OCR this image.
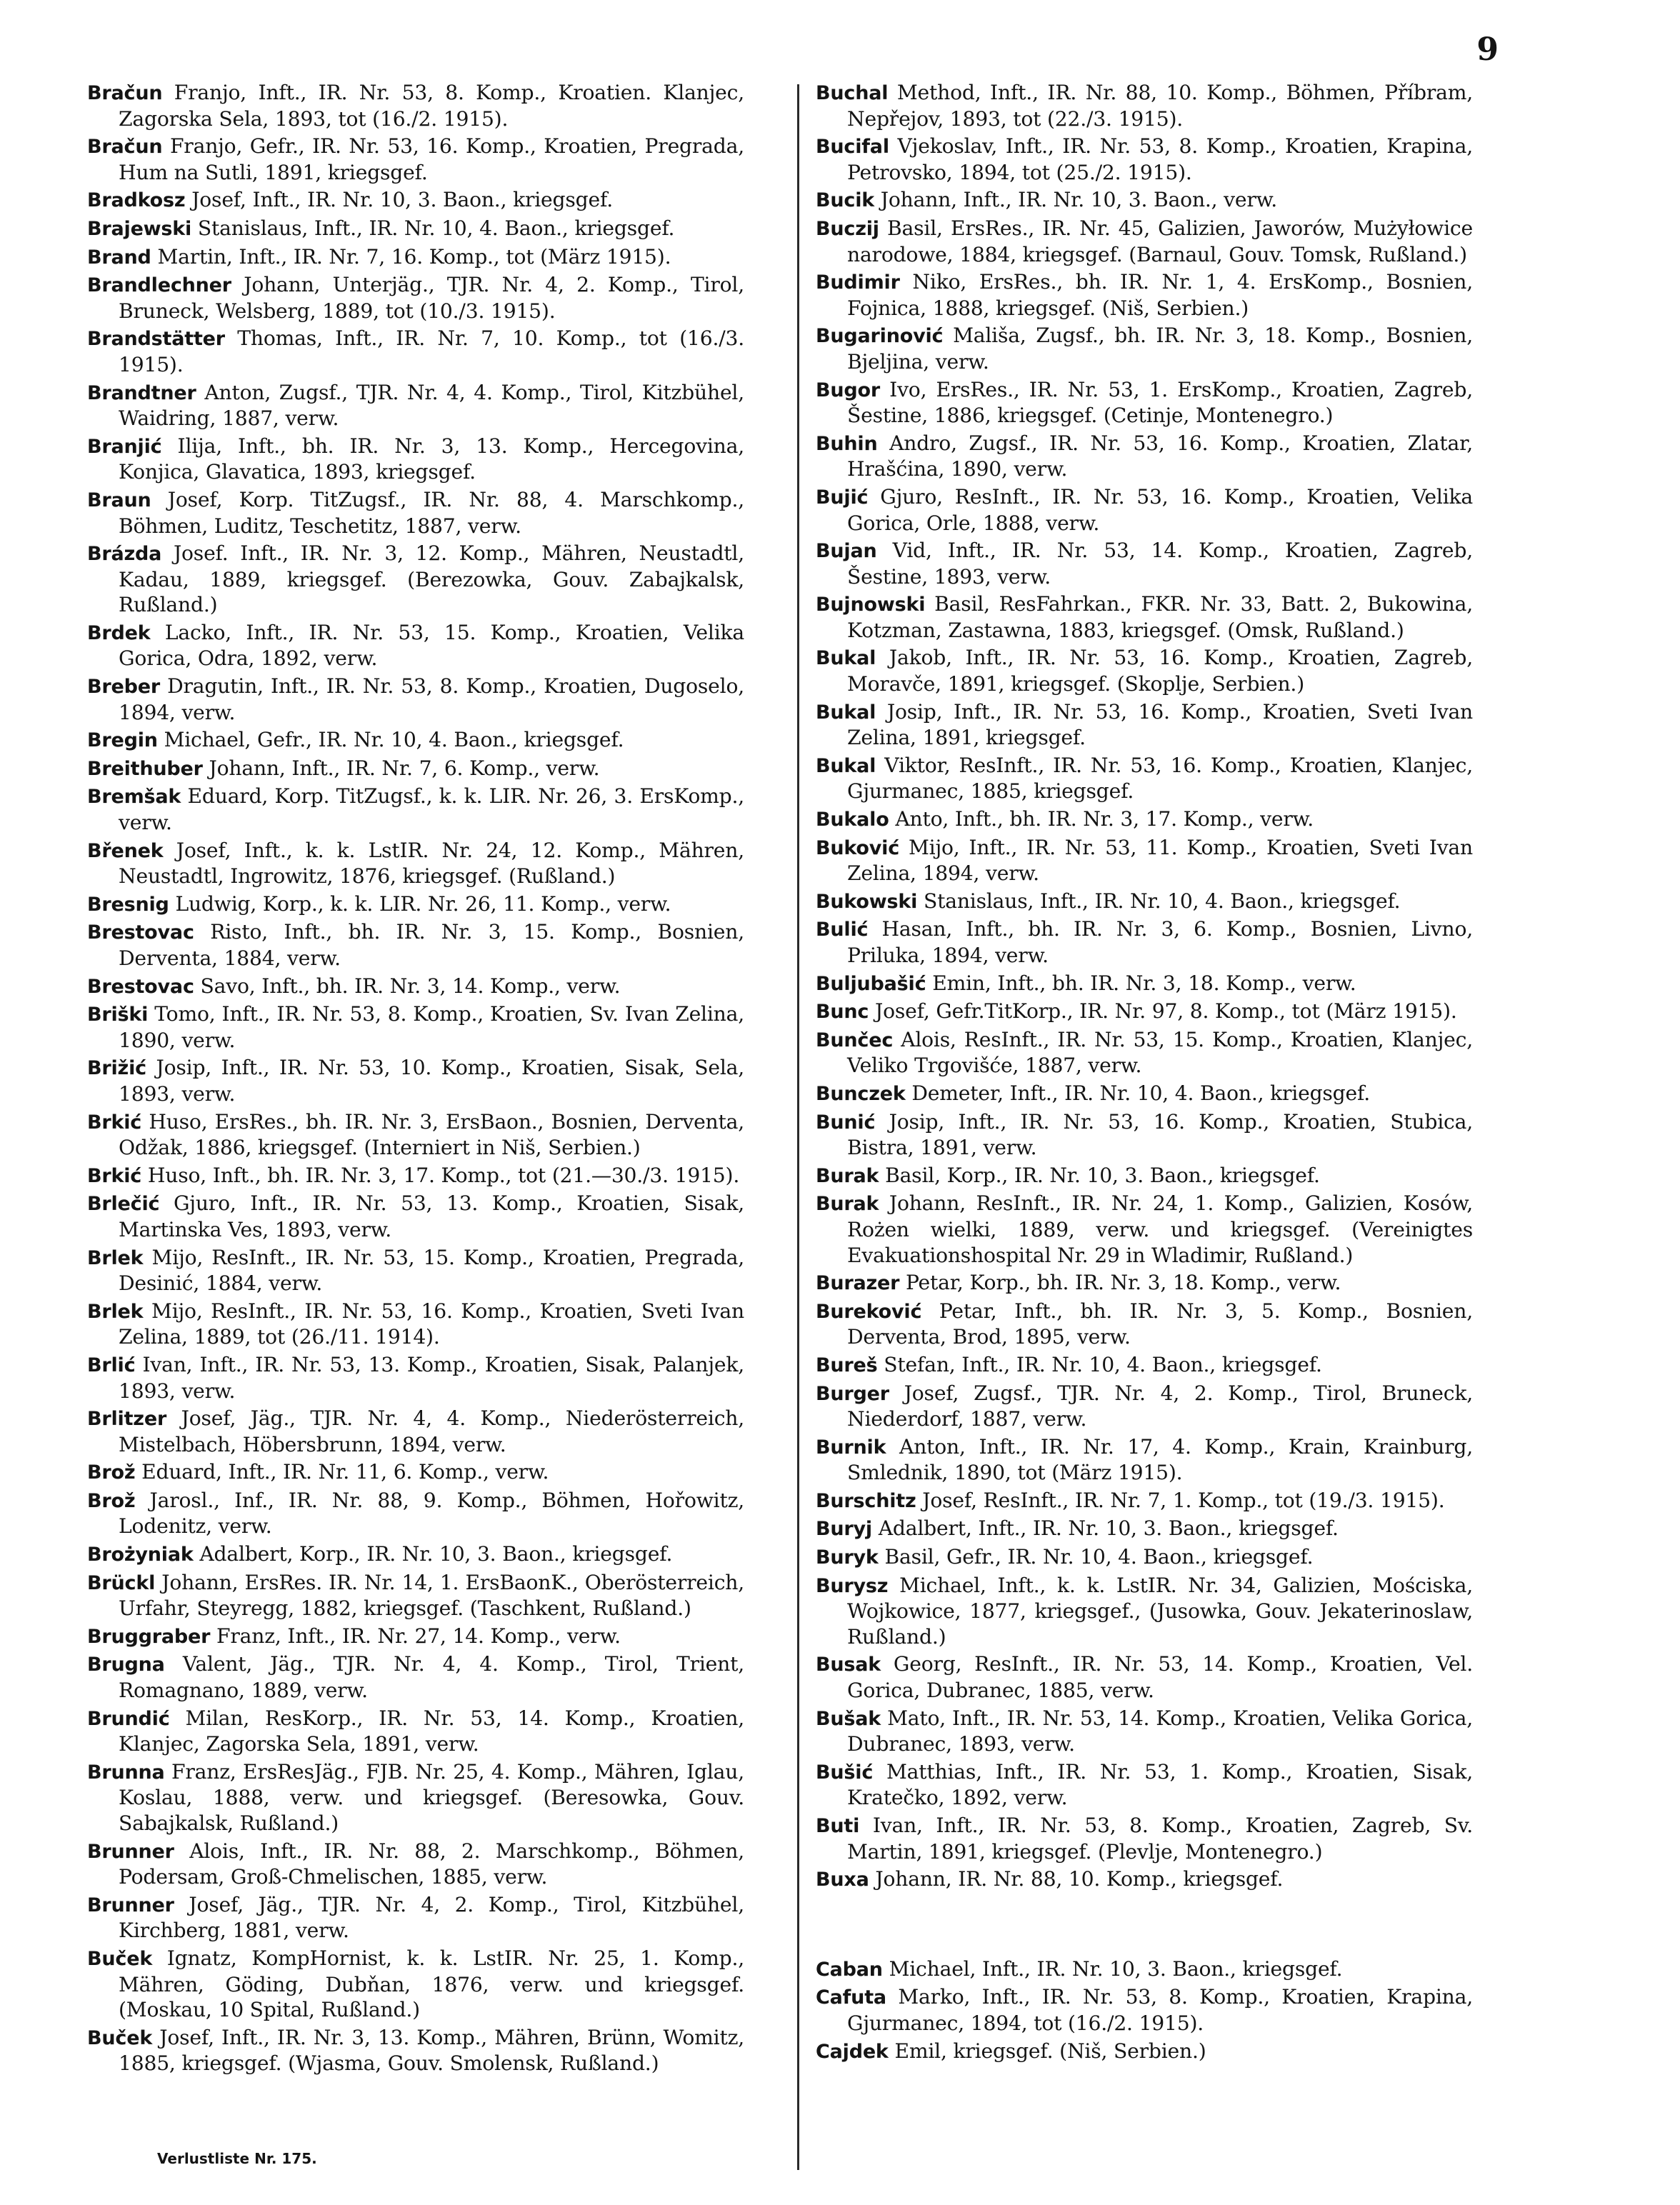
9
Bračun Franjo, Inft., IR. Nr. 53, 8. Komp., Kroatien. Klanjec, Zagorska Sela, 1893, tot (16./2. 1915).
Bračun Franjo, Gefr., IR. Nr. 53, 16. Komp., Kroatien, Pregrada, Hum na Sutli, 1891, kriegsgef.
Bradkosz Josef, Inft., IR. Nr. 10, 3. Baon., kriegsgef.
Brajewski Stanislaus, Inft., IR. Nr. 10, 4. Baon., kriegsgef.
Brand Martin, Inft., IR. Nr. 7, 16. Komp., tot (März 1915).
Brandlechner Johann, Unterjäg., TJR. Nr. 4, 2. Komp., Tirol, Bruneck, Welsberg, 1889, tot (10./3. 1915).
Brandstätter Thomas, Inft., IR. Nr. 7, 10. Komp., tot (16./3. 1915).
Brandtner Anton, Zugsf., TJR. Nr. 4, 4. Komp., Tirol, Kitzbühel, Waidring, 1887, verw.
Branjić Ilija, Inft., bh. IR. Nr. 3, 13. Komp., Hercegovina, Konjica, Glavatica, 1893, kriegsgef.
Braun Josef, Korp. TitZugsf., IR. Nr. 88, 4. Marschkomp., Böhmen, Luditz, Teschetitz, 1887, verw.
Brázda Josef. Inft., IR. Nr. 3, 12. Komp., Mähren, Neustadtl, Kadau, 1889, kriegsgef. (Berezowka, Gouv. Zabajkalsk, Rußland.)
Brdek Lacko, Inft., IR. Nr. 53, 15. Komp., Kroatien, Velika Gorica, Odra, 1892, verw.
Breber Dragutin, Inft., IR. Nr. 53, 8. Komp., Kroatien, Dugoselo, 1894, verw.
Bregin Michael, Gefr., IR. Nr. 10, 4. Baon., kriegsgef.
Breithuber Johann, Inft., IR. Nr. 7, 6. Komp., verw.
Bremšak Eduard, Korp. TitZugsf., k. k. LIR. Nr. 26, 3. ErsKomp., verw.
Břenek Josef, Inft., k. k. LstIR. Nr. 24, 12. Komp., Mähren, Neustadtl, Ingrowitz, 1876, kriegsgef. (Rußland.)
Bresnig Ludwig, Korp., k. k. LIR. Nr. 26, 11. Komp., verw.
Brestovac Risto, Inft., bh. IR. Nr. 3, 15. Komp., Bosnien, Derventa, 1884, verw.
Brestovac Savo, Inft., bh. IR. Nr. 3, 14. Komp., verw.
Briški Tomo, Inft., IR. Nr. 53, 8. Komp., Kroatien, Sv. Ivan Zelina, 1890, verw.
Brižić Josip, Inft., IR. Nr. 53, 10. Komp., Kroatien, Sisak, Sela, 1893, verw.
Brkić Huso, ErsRes., bh. IR. Nr. 3, ErsBaon., Bosnien, Derventa, Odžak, 1886, kriegsgef. (Interniert in Niš, Serbien.)
Brkić Huso, Inft., bh. IR. Nr. 3, 17. Komp., tot (21.—30./3. 1915).
Brlečić Gjuro, Inft., IR. Nr. 53, 13. Komp., Kroatien, Sisak, Martinska Ves, 1893, verw.
Brlek Mijo, ResInft., IR. Nr. 53, 15. Komp., Kroatien, Pregrada, Desinić, 1884, verw.
Brlek Mijo, ResInft., IR. Nr. 53, 16. Komp., Kroatien, Sveti Ivan Zelina, 1889, tot (26./11. 1914).
Brlić Ivan, Inft., IR. Nr. 53, 13. Komp., Kroatien, Sisak, Palanjek, 1893, verw.
Brlitzer Josef, Jäg., TJR. Nr. 4, 4. Komp., Niederösterreich, Mistelbach, Höbersbrunn, 1894, verw.
Brož Eduard, Inft., IR. Nr. 11, 6. Komp., verw.
Brož Jarosl., Inf., IR. Nr. 88, 9. Komp., Böhmen, Hořowitz, Lodenitz, verw.
Brożyniak Adalbert, Korp., IR. Nr. 10, 3. Baon., kriegsgef.
Brückl Johann, ErsRes. IR. Nr. 14, 1. ErsBaonK., Oberösterreich, Urfahr, Steyregg, 1882, kriegsgef. (Taschkent, Rußland.)
Bruggraber Franz, Inft., IR. Nr. 27, 14. Komp., verw.
Brugna Valent, Jäg., TJR. Nr. 4, 4. Komp., Tirol, Trient, Romagnano, 1889, verw.
Brundić Milan, ResKorp., IR. Nr. 53, 14. Komp., Kroatien, Klanjec, Zagorska Sela, 1891, verw.
Brunna Franz, ErsResJäg., FJB. Nr. 25, 4. Komp., Mähren, Iglau, Koslau, 1888, verw. und kriegsgef. (Beresowka, Gouv. Sabajkalsk, Rußland.)
Brunner Alois, Inft., IR. Nr. 88, 2. Marschkomp., Böhmen, Podersam, Groß-Chmelischen, 1885, verw.
Brunner Josef, Jäg., TJR. Nr. 4, 2. Komp., Tirol, Kitzbühel, Kirchberg, 1881, verw.
Buček Ignatz, KompHornist, k. k. LstIR. Nr. 25, 1. Komp., Mähren, Göding, Dubňan, 1876, verw. und kriegsgef. (Moskau, 10 Spital, Rußland.)
Buček Josef, Inft., IR. Nr. 3, 13. Komp., Mähren, Brünn, Womitz, 1885, kriegsgef. (Wjasma, Gouv. Smolensk, Rußland.)
Buchal Method, Inft., IR. Nr. 88, 10. Komp., Böhmen, Příbram, Nepřejov, 1893, tot (22./3. 1915).
Bucifal Vjekoslav, Inft., IR. Nr. 53, 8. Komp., Kroatien, Krapina, Petrovsko, 1894, tot (25./2. 1915).
Bucik Johann, Inft., IR. Nr. 10, 3. Baon., verw.
Buczij Basil, ErsRes., IR. Nr. 45, Galizien, Jaworów, Mużyłowice narodowe, 1884, kriegsgef. (Barnaul, Gouv. Tomsk, Rußland.)
Budimir Niko, ErsRes., bh. IR. Nr. 1, 4. ErsKomp., Bosnien, Fojnica, 1888, kriegsgef. (Niš, Serbien.)
Bugarinović Mališa, Zugsf., bh. IR. Nr. 3, 18. Komp., Bosnien, Bjeljina, verw.
Bugor Ivo, ErsRes., IR. Nr. 53, 1. ErsKomp., Kroatien, Zagreb, Šestine, 1886, kriegsgef. (Cetinje, Montenegro.)
Buhin Andro, Zugsf., IR. Nr. 53, 16. Komp., Kroatien, Zlatar, Hrašćina, 1890, verw.
Bujić Gjuro, ResInft., IR. Nr. 53, 16. Komp., Kroatien, Velika Gorica, Orle, 1888, verw.
Bujan Vid, Inft., IR. Nr. 53, 14. Komp., Kroatien, Zagreb, Šestine, 1893, verw.
Bujnowski Basil, ResFahrkan., FKR. Nr. 33, Batt. 2, Bukowina, Kotzman, Zastawna, 1883, kriegsgef. (Omsk, Rußland.)
Bukal Jakob, Inft., IR. Nr. 53, 16. Komp., Kroatien, Zagreb, Moravče, 1891, kriegsgef. (Skoplje, Serbien.)
Bukal Josip, Inft., IR. Nr. 53, 16. Komp., Kroatien, Sveti Ivan Zelina, 1891, kriegsgef.
Bukal Viktor, ResInft., IR. Nr. 53, 16. Komp., Kroatien, Klanjec, Gjurmanec, 1885, kriegsgef.
Bukalo Anto, Inft., bh. IR. Nr. 3, 17. Komp., verw.
Buković Mijo, Inft., IR. Nr. 53, 11. Komp., Kroatien, Sveti Ivan Zelina, 1894, verw.
Bukowski Stanislaus, Inft., IR. Nr. 10, 4. Baon., kriegsgef.
Bulić Hasan, Inft., bh. IR. Nr. 3, 6. Komp., Bosnien, Livno, Priluka, 1894, verw.
Buljubašić Emin, Inft., bh. IR. Nr. 3, 18. Komp., verw.
Bunc Josef, Gefr.TitKorp., IR. Nr. 97, 8. Komp., tot (März 1915).
Bunčec Alois, ResInft., IR. Nr. 53, 15. Komp., Kroatien, Klanjec, Veliko Trgovišće, 1887, verw.
Bunczek Demeter, Inft., IR. Nr. 10, 4. Baon., kriegsgef.
Bunić Josip, Inft., IR. Nr. 53, 16. Komp., Kroatien, Stubica, Bistra, 1891, verw.
Burak Basil, Korp., IR. Nr. 10, 3. Baon., kriegsgef.
Burak Johann, ResInft., IR. Nr. 24, 1. Komp., Galizien, Kosów, Rożen wielki, 1889, verw. und kriegsgef. (Vereinigtes Evakuationshospital Nr. 29 in Wladimir, Rußland.)
Burazer Petar, Korp., bh. IR. Nr. 3, 18. Komp., verw.
Bureković Petar, Inft., bh. IR. Nr. 3, 5. Komp., Bosnien, Derventa, Brod, 1895, verw.
Bureš Stefan, Inft., IR. Nr. 10, 4. Baon., kriegsgef.
Burger Josef, Zugsf., TJR. Nr. 4, 2. Komp., Tirol, Bruneck, Niederdorf, 1887, verw.
Burnik Anton, Inft., IR. Nr. 17, 4. Komp., Krain, Krainburg, Smlednik, 1890, tot (März 1915).
Burschitz Josef, ResInft., IR. Nr. 7, 1. Komp., tot (19./3. 1915).
Buryj Adalbert, Inft., IR. Nr. 10, 3. Baon., kriegsgef.
Buryk Basil, Gefr., IR. Nr. 10, 4. Baon., kriegsgef.
Burysz Michael, Inft., k. k. LstIR. Nr. 34, Galizien, Mościska, Wojkowice, 1877, kriegsgef., (Jusowka, Gouv. Jekaterinoslaw, Rußland.)
Busak Georg, ResInft., IR. Nr. 53, 14. Komp., Kroatien, Vel. Gorica, Dubranec, 1885, verw.
Bušak Mato, Inft., IR. Nr. 53, 14. Komp., Kroatien, Velika Gorica, Dubranec, 1893, verw.
Bušić Matthias, Inft., IR. Nr. 53, 1. Komp., Kroatien, Sisak, Kratečko, 1892, verw.
Buti Ivan, Inft., IR. Nr. 53, 8. Komp., Kroatien, Zagreb, Sv. Martin, 1891, kriegsgef. (Plevlje, Montenegro.)
Buxa Johann, IR. Nr. 88, 10. Komp., kriegsgef.
Caban Michael, Inft., IR. Nr. 10, 3. Baon., kriegsgef.
Cafuta Marko, Inft., IR. Nr. 53, 8. Komp., Kroatien, Krapina, Gjurmanec, 1894, tot (16./2. 1915).
Cajdek Emil, kriegsgef. (Niš, Serbien.)
Verlustliste Nr. 175.
